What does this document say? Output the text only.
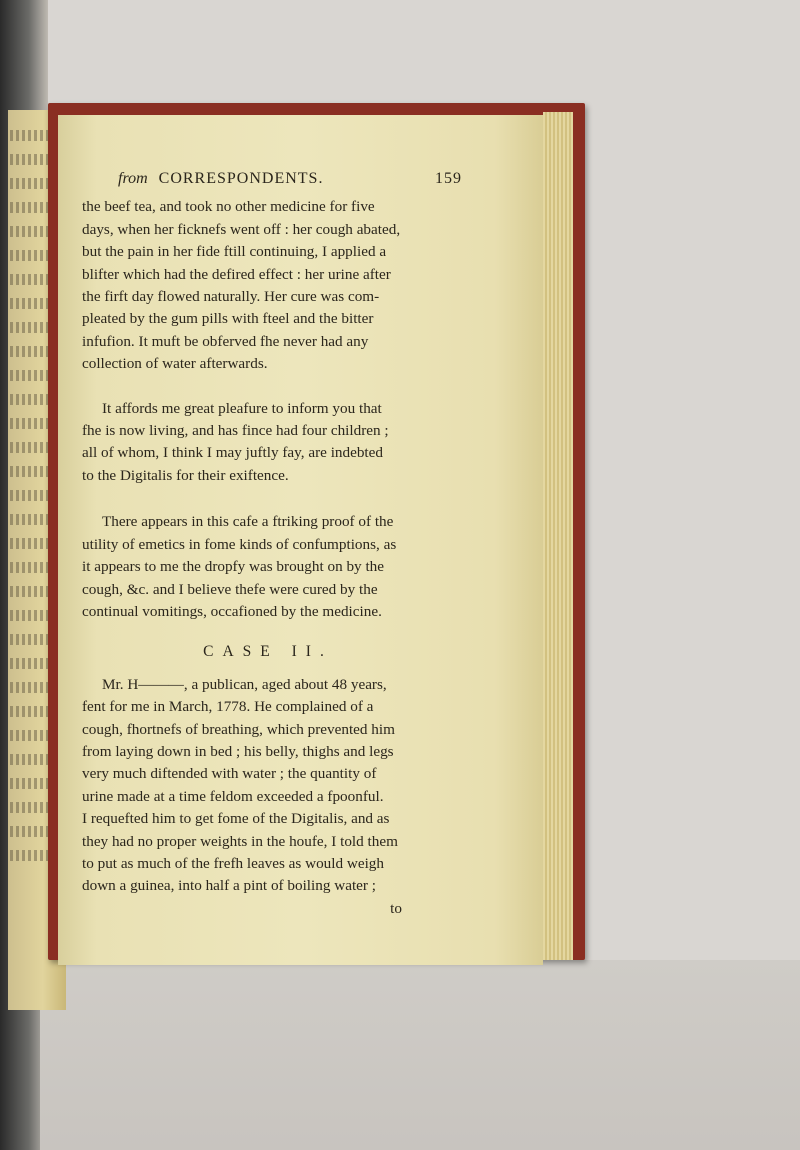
from CORRESPONDENTS.	159

the beef tea, and took no other medicine for five
days, when her ficknefs went off : her cough abated,
but the pain in her fide ftill continuing, I applied a
blifter which had the defired effect : her urine after
the firft day flowed naturally. Her cure was com-
pleated by the gum pills with fteel and the bitter
infufion. It muft be obferved fhe never had any
collection of water afterwards.

It affords me great pleafure to inform you that
fhe is now living, and has fince had four children ;
all of whom, I think I may juftly fay, are indebted
to the Digitalis for their exiftence.

There appears in this cafe a ftriking proof of the
utility of emetics in fome kinds of confumptions, as
it appears to me the dropfy was brought on by the
cough, &c. and I believe thefe were cured by the
continual vomitings, occafioned by the medicine.

CASE II.

Mr. H———, a publican, aged about 48 years,
fent for me in March, 1778. He complained of a
cough, fhortnefs of breathing, which prevented him
from laying down in bed ; his belly, thighs and legs
very much diftended with water ; the quantity of
urine made at a time feldom exceeded a fpoonful.
I requefted him to get fome of the Digitalis, and as
they had no proper weights in the houfe, I told them
to put as much of the frefh leaves as would weigh
down a guinea, into half a pint of boiling water ;

to
